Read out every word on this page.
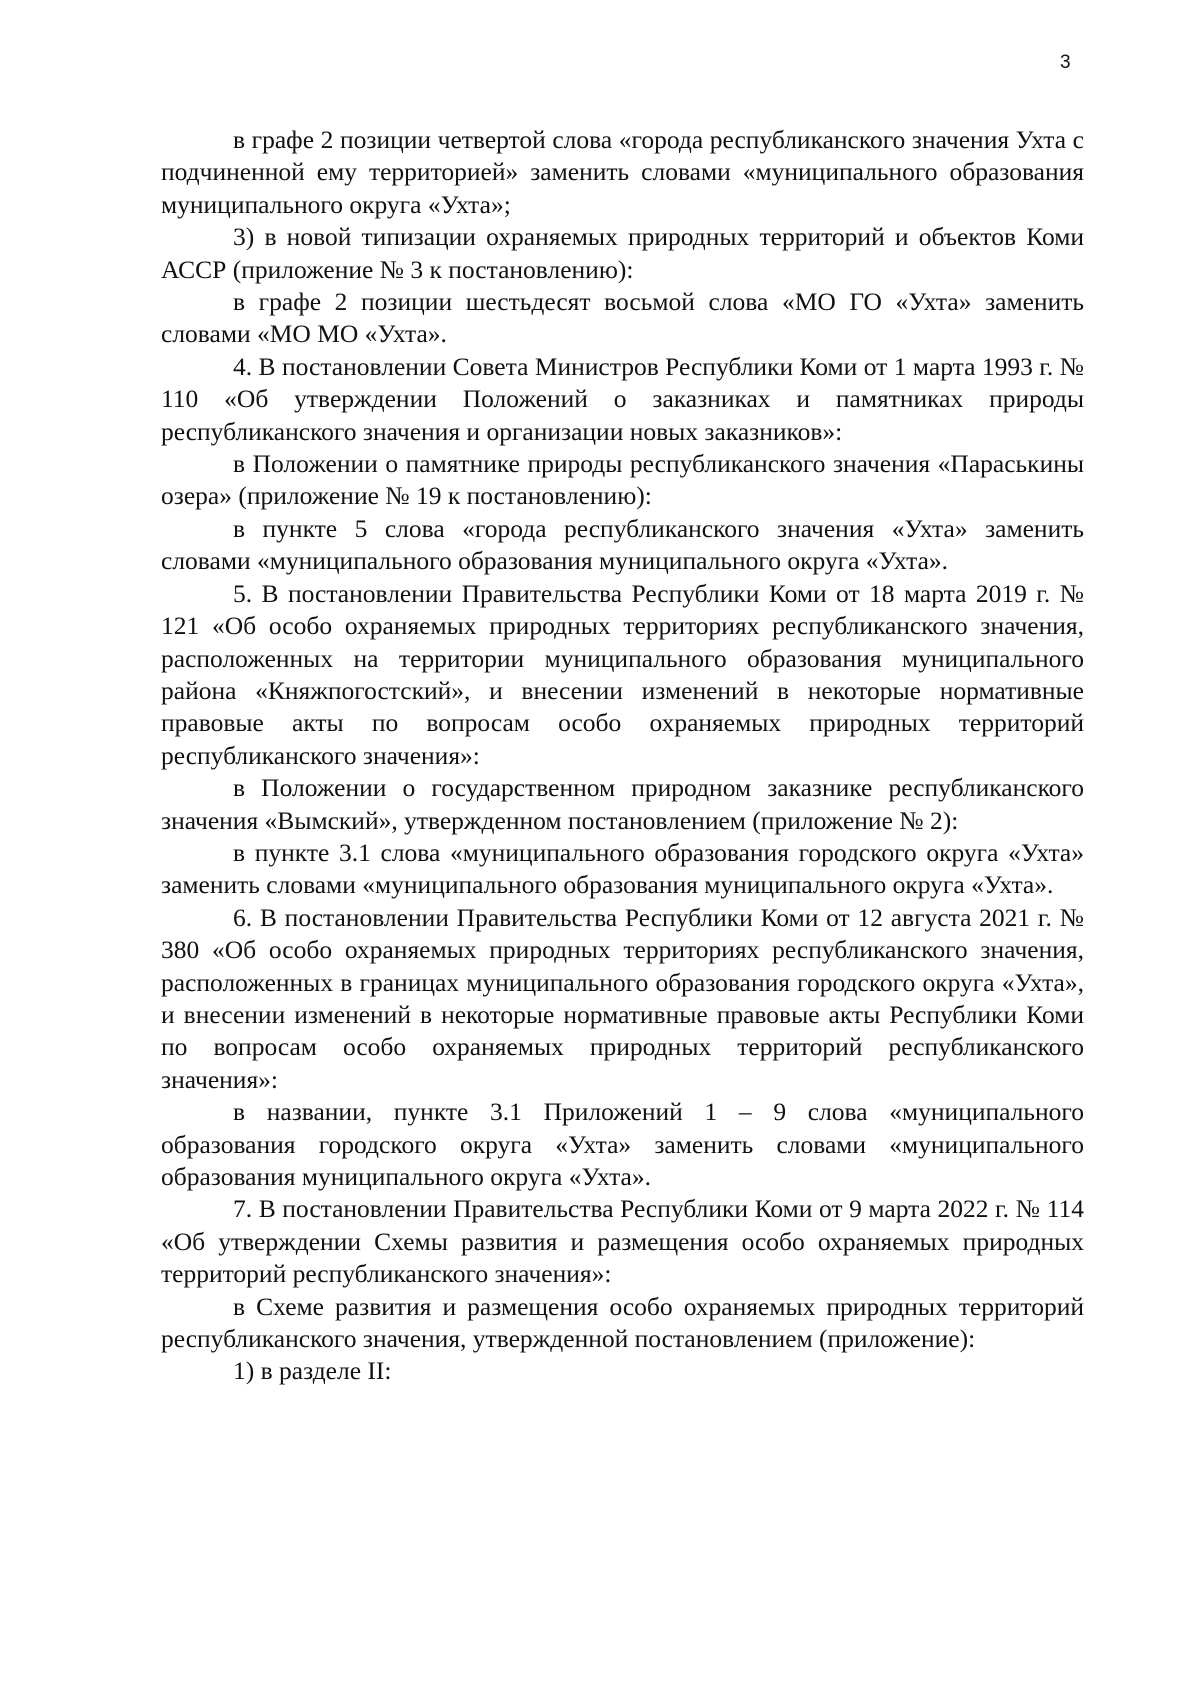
3

в графе 2 позиции четвертой слова «города республиканского значения Ухта с подчиненной ему территорией» заменить словами «муниципального образования муниципального округа «Ухта»;

3) в новой типизации охраняемых природных территорий и объектов Коми АССР (приложение № 3 к постановлению):

в графе 2 позиции шестьдесят восьмой слова «МО ГО «Ухта» заменить словами «МО МО «Ухта».

4. В постановлении Совета Министров Республики Коми от 1 марта 1993 г. № 110 «Об утверждении Положений о заказниках и памятниках природы республиканского значения и организации новых заказников»:

в Положении о памятнике природы республиканского значения «Параськины озера» (приложение № 19 к постановлению):

в пункте 5 слова «города республиканского значения «Ухта» заменить словами «муниципального образования муниципального округа «Ухта».

5. В постановлении Правительства Республики Коми от 18 марта 2019 г. № 121 «Об особо охраняемых природных территориях республиканского значения, расположенных на территории муниципального образования муниципального района «Княжпогостский», и внесении изменений в некоторые нормативные правовые акты по вопросам особо охраняемых природных территорий республиканского значения»:

в Положении о государственном природном заказнике республиканского значения «Вымский», утвержденном постановлением (приложение № 2):

в пункте 3.1 слова «муниципального образования городского округа «Ухта» заменить словами «муниципального образования муниципального округа «Ухта».

6. В постановлении Правительства Республики Коми от 12 августа 2021 г. № 380 «Об особо охраняемых природных территориях республиканского значения, расположенных в границах муниципального образования городского округа «Ухта», и внесении изменений в некоторые нормативные правовые акты Республики Коми по вопросам особо охраняемых природных территорий республиканского значения»:

в названии, пункте 3.1 Приложений 1 – 9 слова «муниципального образования городского округа «Ухта» заменить словами «муниципального образования муниципального округа «Ухта».

7. В постановлении Правительства Республики Коми от 9 марта 2022 г. № 114 «Об утверждении Схемы развития и размещения особо охраняемых природных территорий республиканского значения»:

в Схеме развития и размещения особо охраняемых природных территорий республиканского значения, утвержденной постановлением (приложение):

1) в разделе II:
